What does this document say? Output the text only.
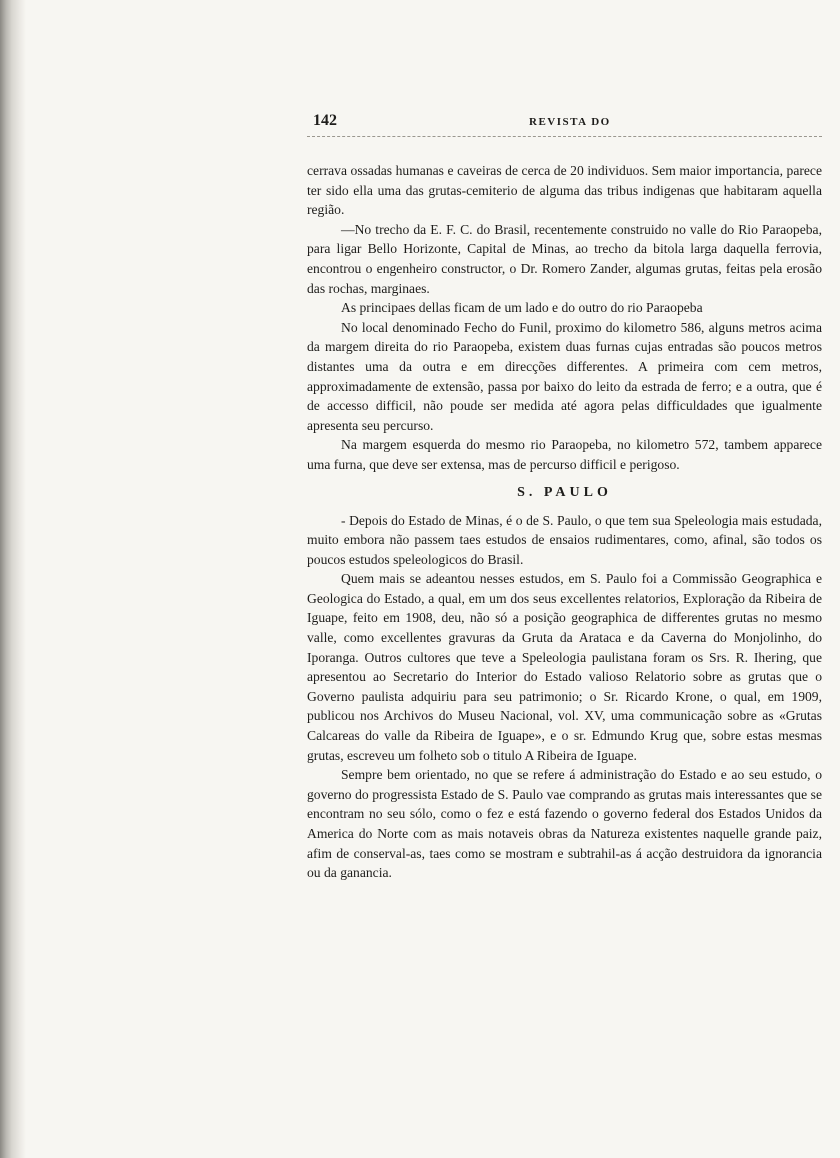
142	REVISTA DO

cerrava ossadas humanas e caveiras de cerca de 20 individuos. Sem maior importancia, parece ter sido ella uma das grutas-cemiterio de alguma das tribus indigenas que habitaram aquella região.

—No trecho da E. F. C. do Brasil, recentemente construido no valle do Rio Paraopeba, para ligar Bello Horizonte, Capital de Minas, ao trecho da bitola larga daquella ferrovia, encontrou o engenheiro constructor, o Dr. Romero Zander, algumas grutas, feitas pela erosão das rochas, marginaes.

As principaes dellas ficam de um lado e do outro do rio Paraopeba

No local denominado Fecho do Funil, proximo do kilometro 586, alguns metros acima da margem direita do rio Paraopeba, existem duas furnas cujas entradas são poucos metros distantes uma da outra e em direcções differentes. A primeira com cem metros, approximadamente de extensão, passa por baixo do leito da estrada de ferro; e a outra, que é de accesso difficil, não poude ser medida até agora pelas difficuldades que igualmente apresenta seu percurso.

Na margem esquerda do mesmo rio Paraopeba, no kilometro 572, tambem apparece uma furna, que deve ser extensa, mas de percurso difficil e perigoso.

S. PAULO

- Depois do Estado de Minas, é o de S. Paulo, o que tem sua Speleologia mais estudada, muito embora não passem taes estudos de ensaios rudimentares, como, afinal, são todos os poucos estudos speleologicos do Brasil.

Quem mais se adeantou nesses estudos, em S. Paulo foi a Commissão Geographica e Geologica do Estado, a qual, em um dos seus excellentes relatorios, Exploração da Ribeira de Iguape, feito em 1908, deu, não só a posição geographica de differentes grutas no mesmo valle, como excellentes gravuras da Gruta da Arataca e da Caverna do Monjolinho, do Iporanga. Outros cultores que teve a Speleologia paulistana foram os Srs. R. Ihering, que apresentou ao Secretario do Interior do Estado valioso Relatorio sobre as grutas que o Governo paulista adquiriu para seu patrimonio; o Sr. Ricardo Krone, o qual, em 1909, publicou nos Archivos do Museu Nacional, vol. XV, uma communicação sobre as «Grutas Calcareas do valle da Ribeira de Iguape», e o sr. Edmundo Krug que, sobre estas mesmas grutas, escreveu um folheto sob o titulo A Ribeira de Iguape.

Sempre bem orientado, no que se refere á administração do Estado e ao seu estudo, o governo do progressista Estado de S. Paulo vae comprando as grutas mais interessantes que se encontram no seu sólo, como o fez e está fazendo o governo federal dos Estados Unidos da America do Norte com as mais notaveis obras da Natureza existentes naquelle grande paiz, afim de conserval-as, taes como se mostram e subtrahil-as á acção destruidora da ignorancia ou da ganancia.
